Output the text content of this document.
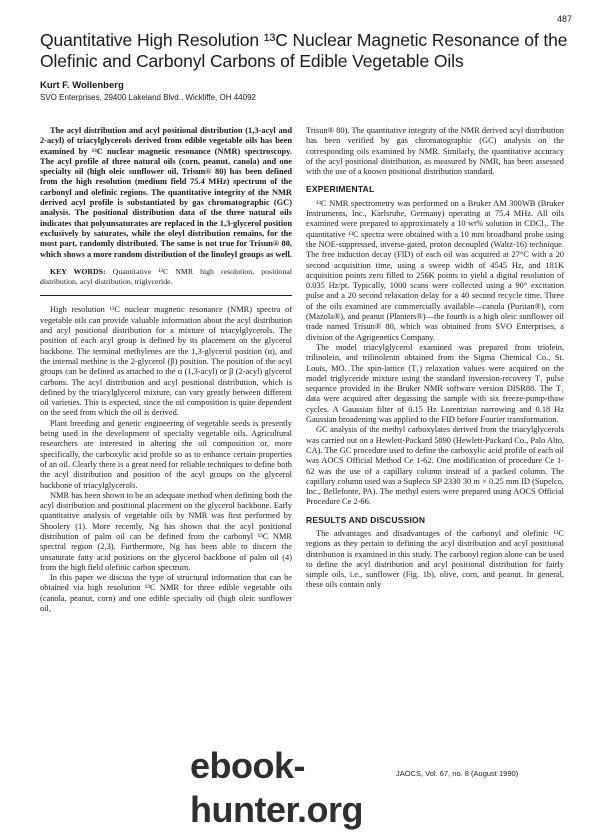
487
Quantitative High Resolution ¹³C Nuclear Magnetic Resonance of the Olefinic and Carbonyl Carbons of Edible Vegetable Oils
Kurt F. Wollenberg
SVO Enterprises, 29400 Lakeland Blvd., Wickliffe, OH 44092

The acyl distribution and acyl positional distribution (1,3-acyl and 2-acyl) of triacylglycerols derived from edible vegetable oils has been examined by ¹³C nuclear magnetic resonance (NMR) spectroscopy. The acyl profile of three natural oils (corn, peanut, canola) and one specialty oil (high oleic sunflower oil, Trisun® 80) has been defined from the high resolution (medium field 75.4 MHz) spectrum of the carbonyl and olefinic regions. The quantitative integrity of the NMR derived acyl profile is substantiated by gas chromatographic (GC) analysis. The positional distribution data of the three natural oils indicates that polyunsaturates are replaced in the 1,3-glycerol position exclusively by saturates, while the oleyl distribution remains, for the most part, randomly distributed. The same is not true for Trisun® 80, which shows a more random distribution of the linoleyl groups as well.

KEY WORDS: Quantitative ¹³C NMR high resolution, positional distribution, acyl distribution, triglyceride.

High resolution ¹³C nuclear magnetic resonance (NMR) spectra of vegetable oils can provide valuable information about the acyl distribution and acyl positional distribution for a mixture of triacylglycerols. The position of each acyl group is defined by its placement on the glycerol backbone. The terminal methylenes are the 1,3-glycerol position (α), and the internal methine is the 2-glycerol (β) position. The position of the acyl groups can be defined as attached to the α (1,3-acyl) or β (2-acyl) glycerol carbons. The acyl distribution and acyl positional distribution, which is defined by the triacylglycerol mixture, can vary greatly between different oil varieties. This is expected, since the oil composition is quite dependent on the seed from which the oil is derived.

Plant breeding and genetic engineering of vegetable seeds is presently being used in the development of specialty vegetable oils. Agricultural researchers are interested in altering the oil composition or, more specifically, the carboxylic acid profile so as to enhance certain properties of an oil. Clearly there is a great need for reliable techniques to define both the acyl distribution and position of the acyl groups on the glycerol backbone of triacylglycerols.

NMR has been shown to be an adequate method when defining both the acyl distribution and positional placement on the glycerol backbone. Early quantitative analysis of vegetable oils by NMR was first performed by Shoolery (1). More recently, Ng has shown that the acyl positional distribution of palm oil can be defined from the carbonyl ¹³C NMR spectral region (2,3). Furthermore, Ng has been able to discern the unsaturate fatty acid positions on the glycerol backbone of palm oil (4) from the high field olefinic carbon spectrum.

In this paper we discuss the type of structural information that can be obtained via high resolution ¹³C NMR for three edible vegetable oils (canola, peanut, corn) and one edible specialty oil (high oleic sunflower oil,

Trisun® 80). The quantitative integrity of the NMR derived acyl distribution has been verified by gas chromatographic (GC) analysis on the corresponding oils examined by NMR. Similarly, the quantitative accuracy of the acyl positional distribution, as measured by NMR, has been assessed with the use of a known positional distribution standard.

EXPERIMENTAL

¹³C NMR spectrometry was performed on a Bruker AM 300WB (Bruker Instruments, Inc., Karlsruhe, Germany) operating at 75.4 MHz. All oils examined were prepared to approximately a 10 wt% solution in CDCl₃. The quantitative ¹³C spectra were obtained with a 10 mm broadband probe using the NOE-suppressed, inverse-gated, proton decoupled (Waltz-16) technique. The free induction decay (FID) of each oil was acquired at 27°C with a 20 second acquisition time, using a sweep width of 4545 Hz, and 181K acquisition points zero filled to 256K points to yield a digital resolution of 0.035 Hz/pt. Typically, 1000 scans were collected using a 90° excitation pulse and a 20 second relaxation delay for a 40 second recycle time. Three of the oils examined are commercially available—canola (Puritan®), corn (Mazola®), and peanut (Planters®)—the fourth is a high oleic sunflower oil trade named Trisun® 80, which was obtained from SVO Enterprises, a division of the Agrigenetics Company.

The model triacylglycerol examined was prepared from triolein, trilinolein, and trilinolenin obtained from the Sigma Chemical Co., St. Louis, MO. The spin-lattice (T₁) relaxation values were acquired on the model triglyceride mixture using the standard inversion-recovery T₁ pulse sequence provided in the Bruker NMR software version DISR88. The T₁ data were acquired after degassing the sample with six freeze-pump-thaw cycles. A Gaussian filter of 0.15 Hz Lorentzian narrowing and 0.18 Hz Gaussian broadening was applied to the FID before Fourier transformation.

GC analysis of the methyl carboxylates derived from the triacylglycerols was carried out on a Hewlett-Packard 5890 (Hewlett-Packard Co., Palo Alto, CA). The GC procedure used to define the carboxylic acid profile of each oil was AOCS Official Method Ce 1-62. One modification of procedure Ce 1-62 was the use of a capillary column instead of a packed column. The capillary column used was a Supleco SP 2330 30 m × 0.25 mm ID (Supelco, Inc., Bellefonte, PA). The methyl esters were prepared using AOCS Official Procedure Ce 2-66.

RESULTS AND DISCUSSION

The advantages and disadvantages of the carbonyl and olefinic ¹³C regions as they pertain to defining the acyl distribution and acyl positional distribution is examined in this study. The carbonyl region alone can be used to define the acyl distribution and acyl positional distribution for fairly simple oils, i.e., sunflower (Fig. 1b), olive, corn, and peanut. In general, these oils contain only

JAOCS, Vol. 67, no. 8 (August 1990)
ebook-hunter.org
